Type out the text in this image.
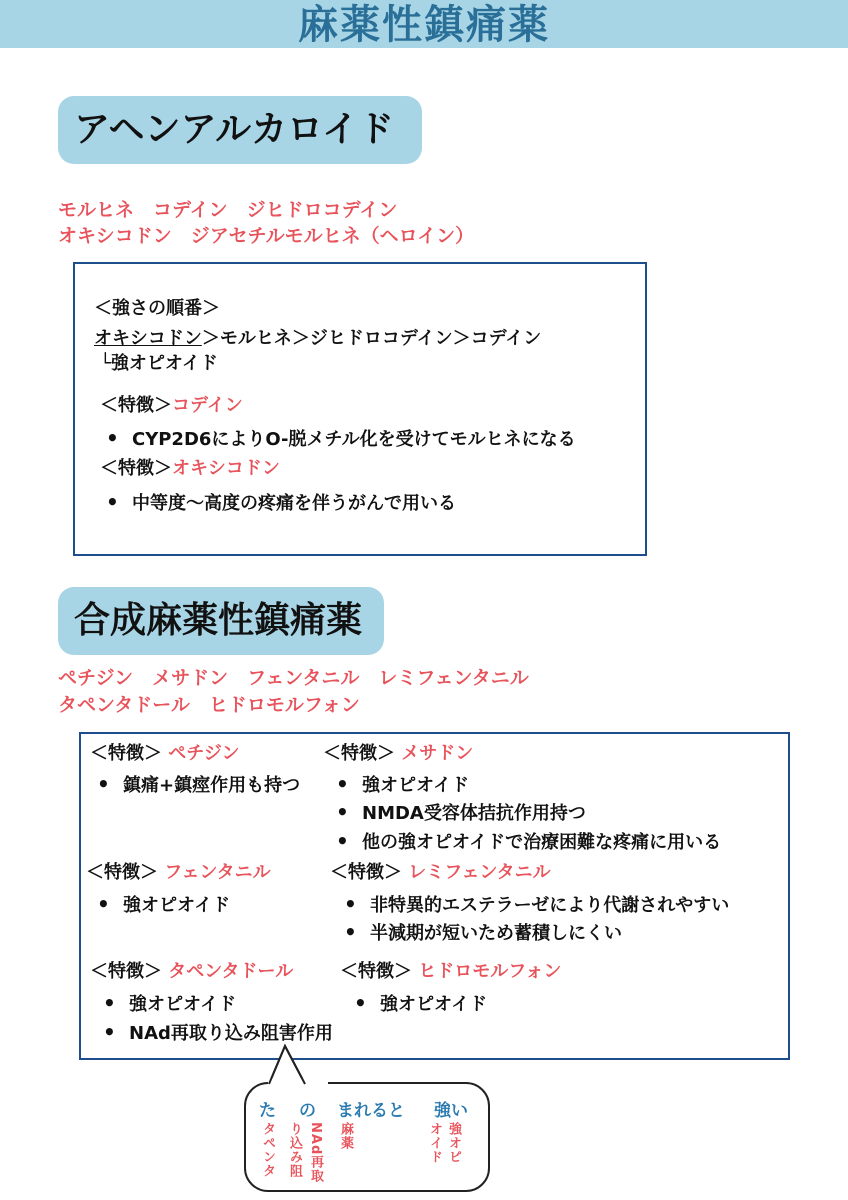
麻薬性鎮痛薬
アヘンアルカロイド
モルヒネ　コデイン　ジヒドロコデイン
オキシコドン　ジアセチルモルヒネ（ヘロイン）
＜強さの順番＞
オキシコドン＞モルヒネ＞ジヒドロコデイン＞コデイン
└強オピオイド
＜特徴＞コデイン
• CYP2D6によりO-脱メチル化を受けてモルヒネになる
＜特徴＞オキシコドン
• 中等度〜高度の疼痛を伴うがんで用いる
合成麻薬性鎮痛薬
ペチジン　メサドン　フェンタニル　レミフェンタニル
タペンタドール　ヒドロモルフォン
＜特徴＞ ペチジン
• 鎮痛+鎮痙作用も持つ
＜特徴＞ メサドン
• 強オピオイド
• NMDA受容体拮抗作用持つ
• 他の強オピオイドで治療困難な疼痛に用いる
＜特徴＞ フェンタニル
• 強オピオイド
＜特徴＞ レミフェンタニル
• 非特異的エステラーゼにより代謝されやすい
• 半減期が短いため蓄積しにくい
＜特徴＞ タペンタドール
• 強オピオイド
• NAd再取り込み阻害作用
＜特徴＞ ヒドロモルフォン
• 強オピオイド
た の まれると 強い
タペンタ り込み阻 NAd再取 麻薬	オイド 強オピ
